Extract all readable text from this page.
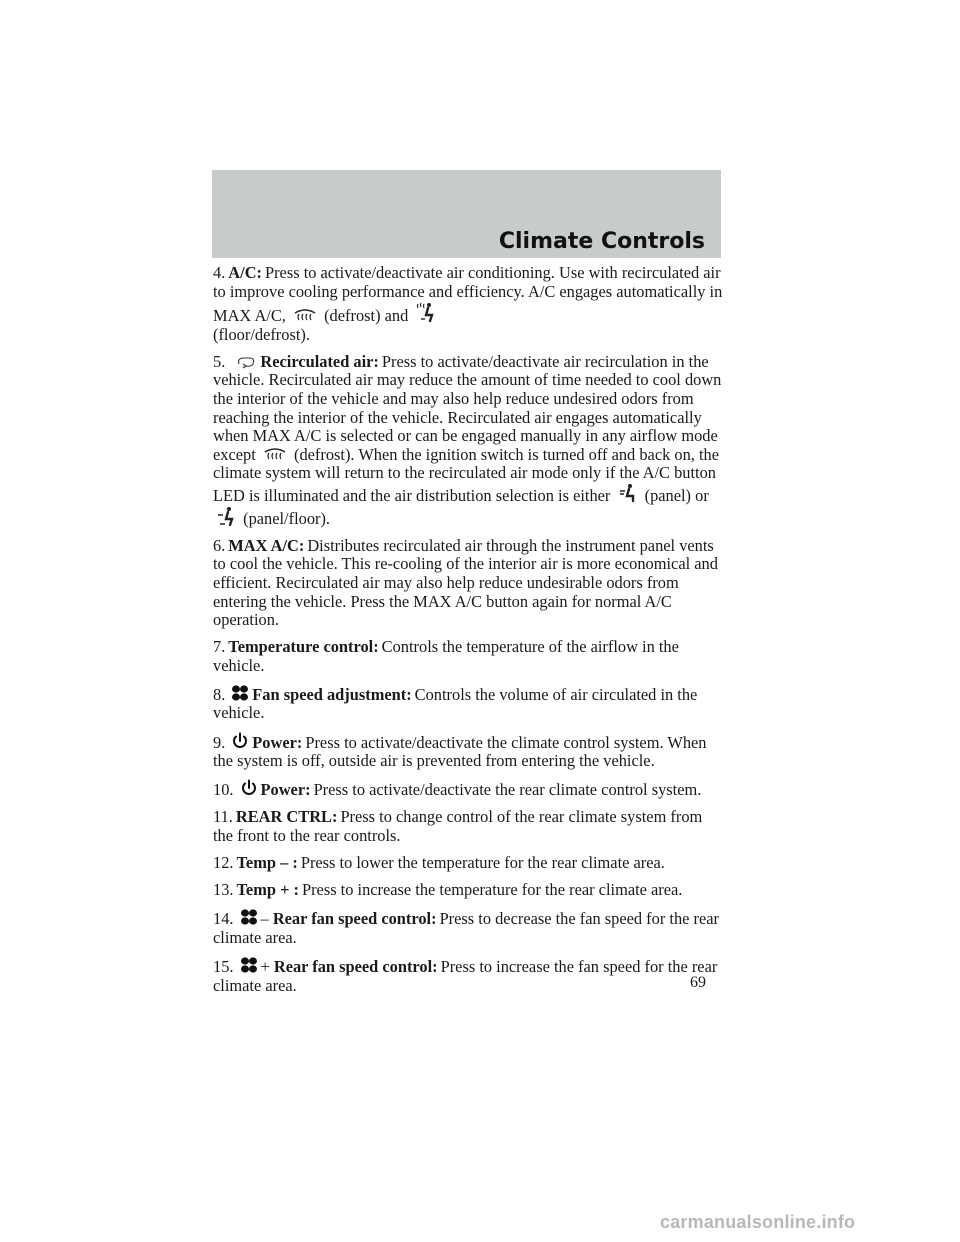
Climate Controls

4. A/C: Press to activate/deactivate air conditioning. Use with recirculated air to improve cooling performance and efficiency. A/C engages automatically in MAX A/C, (defrost) and

(floor/defrost).

5. Recirculated air: Press to activate/deactivate air recirculation in the vehicle. Recirculated air may reduce the amount of time needed to cool down the interior of the vehicle and may also help reduce undesired odors from reaching the interior of the vehicle. Recirculated air engages automatically when MAX A/C is selected or can be engaged manually in any airflow mode except (defrost). When the ignition switch is turned off and back on, the climate system will return to the recirculated air mode only if the A/C button LED is illuminated and the air distribution selection is either (panel) or
(panel/floor).

6. MAX A/C: Distributes recirculated air through the instrument panel vents to cool the vehicle. This re-cooling of the interior air is more economical and efficient. Recirculated air may also help reduce undesirable odors from entering the vehicle. Press the MAX A/C button again for normal A/C operation.

7. Temperature control: Controls the temperature of the airflow in the vehicle.

8. Fan speed adjustment: Controls the volume of air circulated in the vehicle.

9. Power: Press to activate/deactivate the climate control system. When the system is off, outside air is prevented from entering the vehicle.

10. Power: Press to activate/deactivate the rear climate control system.

11. REAR CTRL: Press to change control of the rear climate system from the front to the rear controls.

12. Temp – : Press to lower the temperature for the rear climate area.

13. Temp + : Press to increase the temperature for the rear climate area.

14. – Rear fan speed control: Press to decrease the fan speed for the rear climate area.

15. + Rear fan speed control: Press to increase the fan speed for the rear climate area.	69
carmanualsonline.info
